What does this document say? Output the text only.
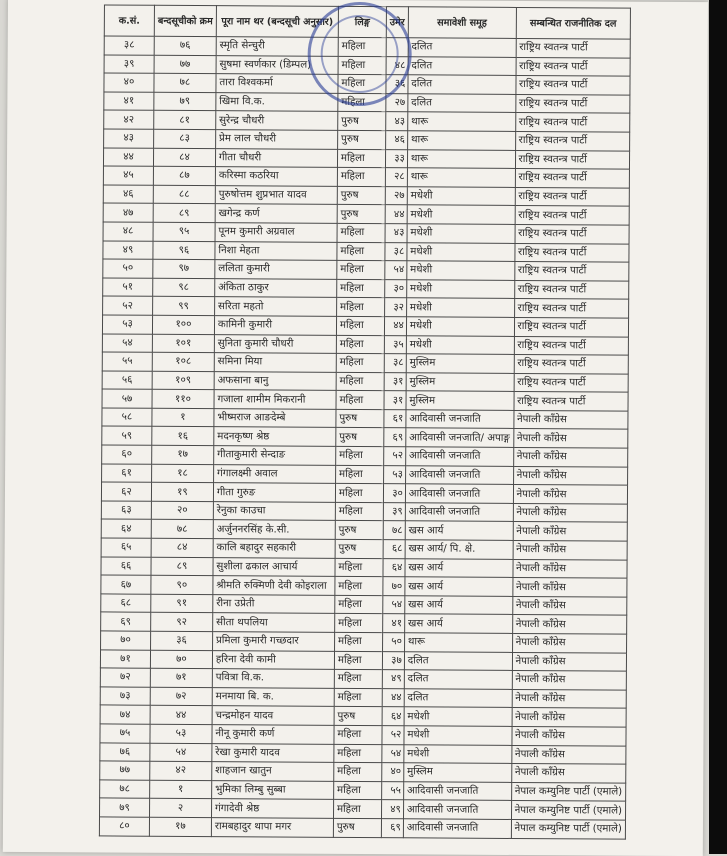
क.सं.	बन्दसूचीको क्रम	पूरा नाम थर (बन्दसूची अनुसार)	लिङ्ग	उमेर	समावेशी समूह	सम्बन्धित राजनीतिक दल
३८	७६	स्मृति सेन्चुरी	महिला		दलित	राष्ट्रिय स्वतन्त्र पार्टी
३९	७७	सुषमा स्वर्णकार (डिम्पल)	महिला	४८	दलित	राष्ट्रिय स्वतन्त्र पार्टी
४०	७८	तारा विश्वकर्मा	महिला	३६	दलित	राष्ट्रिय स्वतन्त्र पार्टी
४१	७९	खिमा वि.क.	महिला	२७	दलित	राष्ट्रिय स्वतन्त्र पार्टी
४२	८१	सुरेन्द्र चौधरी	पुरुष	४३	थारू	राष्ट्रिय स्वतन्त्र पार्टी
४३	८३	प्रेम लाल चौधरी	पुरुष	४६	थारू	राष्ट्रिय स्वतन्त्र पार्टी
४४	८४	गीता चौधरी	महिला	३३	थारू	राष्ट्रिय स्वतन्त्र पार्टी
४५	८७	करिस्मा कठरिया	महिला	२८	थारू	राष्ट्रिय स्वतन्त्र पार्टी
४६	८८	पुरुषोत्तम शुप्रभात यादव	पुरुष	२७	मधेशी	राष्ट्रिय स्वतन्त्र पार्टी
४७	८९	खगेन्द्र कर्ण	पुरुष	४४	मधेशी	राष्ट्रिय स्वतन्त्र पार्टी
४८	९५	पूनम कुमारी अग्रवाल	महिला	४३	मधेशी	राष्ट्रिय स्वतन्त्र पार्टी
४९	९६	निशा मेहता	महिला	३८	मधेशी	राष्ट्रिय स्वतन्त्र पार्टी
५०	९७	ललिता कुमारी	महिला	५४	मधेशी	राष्ट्रिय स्वतन्त्र पार्टी
५१	९८	अंकिता ठाकुर	महिला	३०	मधेशी	राष्ट्रिय स्वतन्त्र पार्टी
५२	९९	सरिता महतो	महिला	३२	मधेशी	राष्ट्रिय स्वतन्त्र पार्टी
५३	१००	कामिनी कुमारी	महिला	४४	मधेशी	राष्ट्रिय स्वतन्त्र पार्टी
५४	१०१	सुनिता कुमारी चौधरी	महिला	३५	मधेशी	राष्ट्रिय स्वतन्त्र पार्टी
५५	१०८	समिना मिया	महिला	३८	मुस्लिम	राष्ट्रिय स्वतन्त्र पार्टी
५६	१०९	अफसाना बानु	महिला	३१	मुस्लिम	राष्ट्रिय स्वतन्त्र पार्टी
५७	११०	गजाला शामीम मिकरानी	महिला	३१	मुस्लिम	राष्ट्रिय स्वतन्त्र पार्टी
५८	१	भीष्मराज आङदेम्बे	पुरुष	६१	आदिवासी जनजाति	नेपाली काँग्रेस
५९	१६	मदनकृष्ण श्रेष्ठ	पुरुष	६९	आदिवासी जनजाति/ अपाङ्ग	नेपाली काँग्रेस
६०	१७	गीताकुमारी सेन्दाङ	महिला	५२	आदिवासी जनजाति	नेपाली काँग्रेस
६१	१८	गंगालक्ष्मी अवाल	महिला	५३	आदिवासी जनजाति	नेपाली काँग्रेस
६२	१९	गीता गुरुङ	महिला	३०	आदिवासी जनजाति	नेपाली काँग्रेस
६३	२०	रेनुका काउचा	महिला	३९	आदिवासी जनजाति	नेपाली काँग्रेस
६४	७८	अर्जुननरसिंह के.सी.	पुरुष	७८	खस आर्य	नेपाली काँग्रेस
६५	८४	कालि बहादुर सहकारी	पुरुष	६८	खस आर्य/ पि. क्षे.	नेपाली काँग्रेस
६६	८९	सुशीला ढकाल आचार्य	महिला	६४	खस आर्य	नेपाली काँग्रेस
६७	९०	श्रीमति रुक्मिणी देवी कोइराला	महिला	७०	खस आर्य	नेपाली काँग्रेस
६८	९१	रीना उप्रेती	महिला	५४	खस आर्य	नेपाली काँग्रेस
६९	९२	सीता थपलिया	महिला	४१	खस आर्य	नेपाली काँग्रेस
७०	३६	प्रमिला कुमारी गच्छदार	महिला	५०	थारू	नेपाली काँग्रेस
७१	७०	हरिना देवी कामी	महिला	३७	दलित	नेपाली काँग्रेस
७२	७१	पवित्रा वि.क.	महिला	४९	दलित	नेपाली काँग्रेस
७३	७२	मनमाया बि. क.	महिला	४४	दलित	नेपाली काँग्रेस
७४	४४	चन्द्रमोहन यादव	पुरुष	६४	मधेशी	नेपाली काँग्रेस
७५	५३	नीनू कुमारी कर्ण	महिला	५२	मधेशी	नेपाली काँग्रेस
७६	५४	रेखा कुमारी यादव	महिला	५४	मधेशी	नेपाली काँग्रेस
७७	४२	शाहजान खातुन	महिला	४०	मुस्लिम	नेपाली काँग्रेस
७८	१	भुमिका लिम्बु सुब्बा	महिला	५५	आदिवासी जनजाति	नेपाल कम्युनिष्ट पार्टी (एमाले)
७९	२	गंगादेवी श्रेष्ठ	महिला	४९	आदिवासी जनजाति	नेपाल कम्युनिष्ट पार्टी (एमाले)
८०	१७	रामबहादुर थापा मगर	पुरुष	६९	आदिवासी जनजाति	नेपाल कम्युनिष्ट पार्टी (एमाले)
